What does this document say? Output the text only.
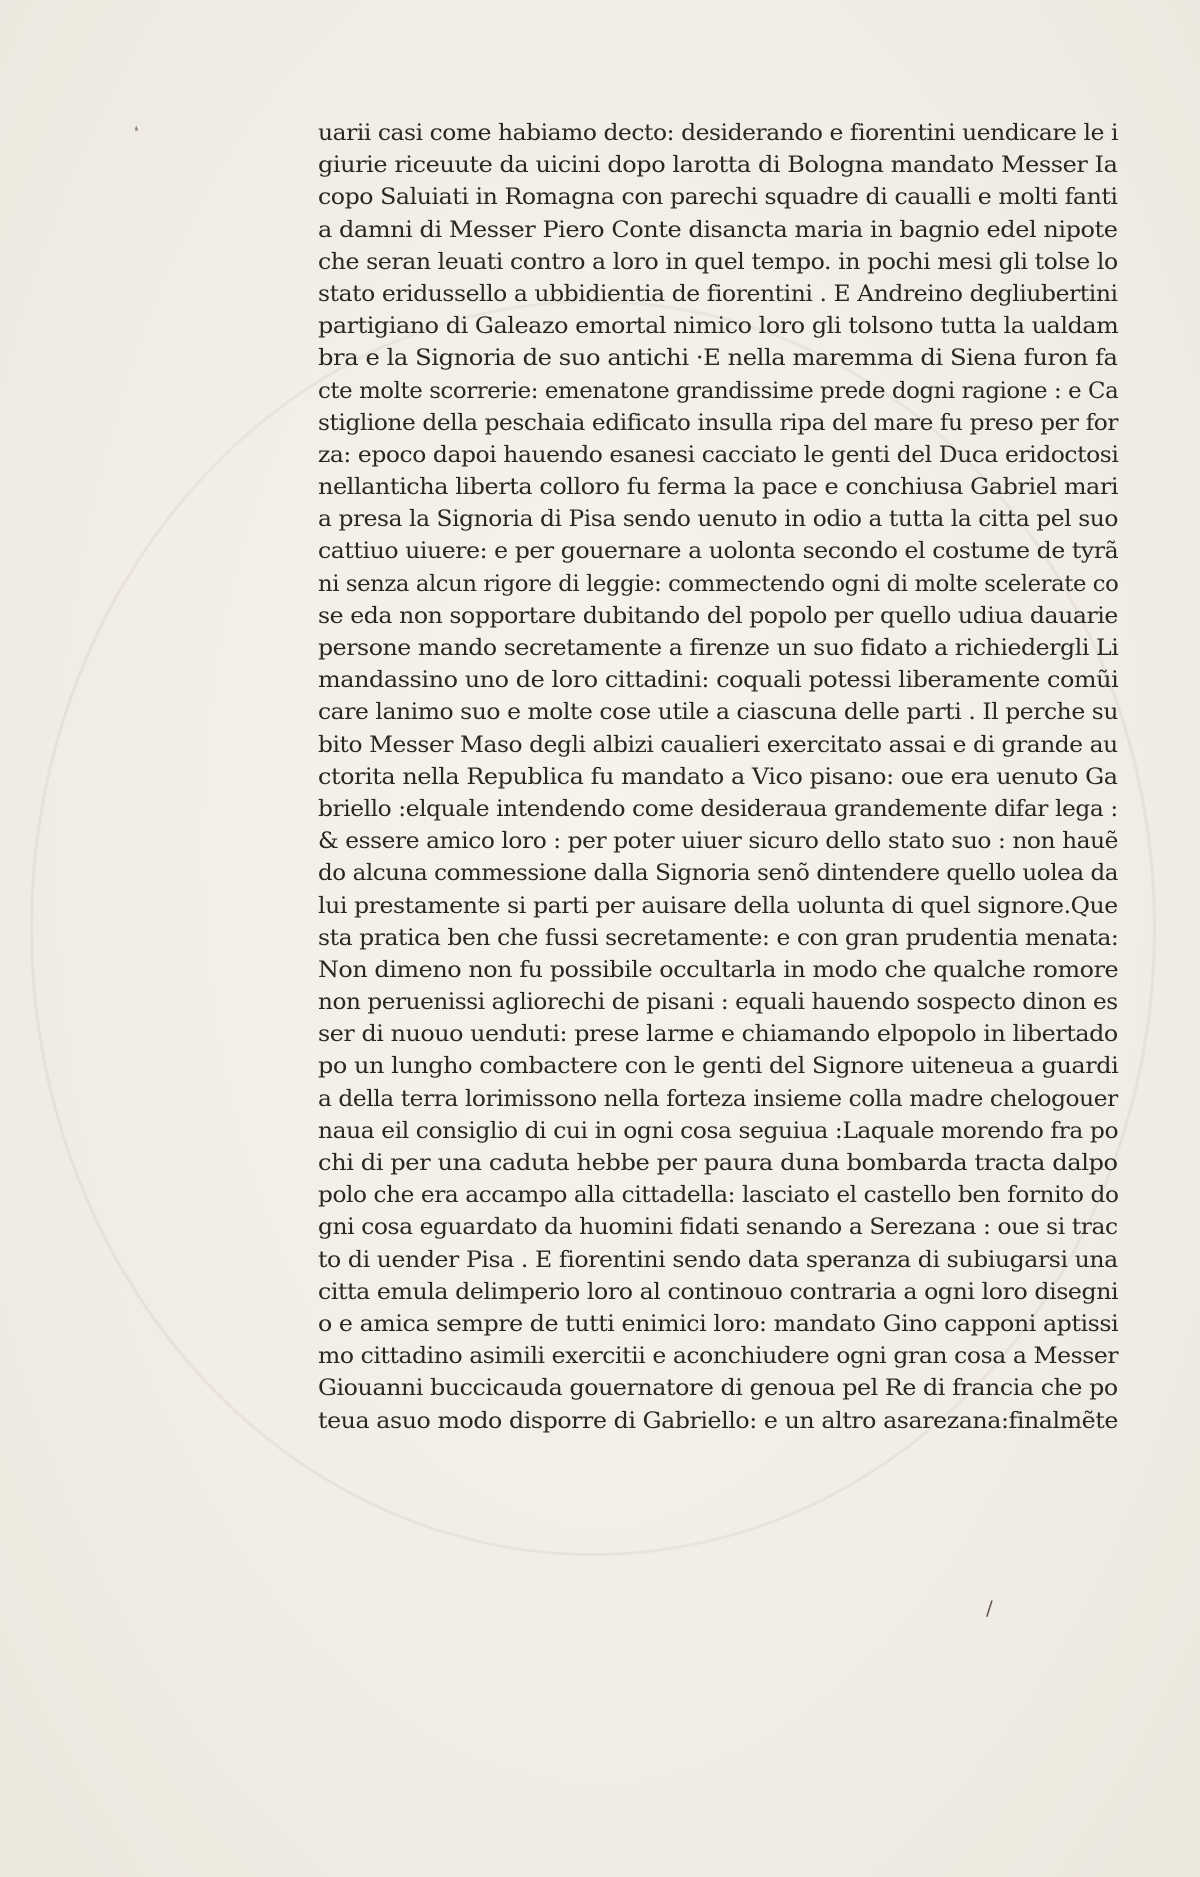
❛	uarii casi come habiamo decto: desiderando e fiorentini uendicare le i
giurie riceuute da uicini dopo larotta di Bologna mandato Messer Ia
copo Saluiati in Romagna con parechi squadre di caualli e molti fanti
a damni di Messer Piero Conte disancta maria in bagnio edel nipote
che seran leuati contro a loro in quel tempo. in pochi mesi gli tolse lo
stato eridussello a ubbidientia de fiorentini . E Andreino degliubertini
partigiano di Galeazo emortal nimico loro gli tolsono tutta la ualdam
bra e la Signoria de suo antichi ·E nella maremma di Siena furon fa
cte molte scorrerie: emenatone grandissime prede dogni ragione : e Ca
stiglione della peschaia edificato insulla ripa del mare fu preso per for
za: epoco dapoi hauendo esanesi cacciato le genti del Duca eridoctosi
nellanticha liberta colloro fu ferma la pace e conchiusa Gabriel mari
a presa la Signoria di Pisa sendo uenuto in odio a tutta la citta pel suo
cattiuo uiuere: e per gouernare a uolonta secondo el costume de tyrã
ni senza alcun rigore di leggie: commectendo ogni di molte scelerate co
se eda non sopportare dubitando del popolo per quello udiua dauarie
persone mando secretamente a firenze un suo fidato a richiedergli Li
mandassino uno de loro cittadini: coquali potessi liberamente comũi
care lanimo suo e molte cose utile a ciascuna delle parti . Il perche su
bito Messer Maso degli albizi caualieri exercitato assai e di grande au
ctorita nella Republica fu mandato a Vico pisano: oue era uenuto Ga
briello :elquale intendendo come desideraua grandemente difar lega :
& essere amico loro : per poter uiuer sicuro dello stato suo : non hauẽ
do alcuna commessione dalla Signoria senõ dintendere quello uolea da
lui prestamente si parti per auisare della uolunta di quel signore.Que
sta pratica ben che fussi secretamente: e con gran prudentia menata:
Non dimeno non fu possibile occultarla in modo che qualche romore
non peruenissi agliorechi de pisani : equali hauendo sospecto dinon es
ser di nuouo uenduti: prese larme e chiamando elpopolo in libertado
po un lungho combactere con le genti del Signore uiteneua a guardi
a della terra lorimissono nella forteza insieme colla madre chelogouer
naua eil consiglio di cui in ogni cosa seguiua :Laquale morendo fra po
chi di per una caduta hebbe per paura duna bombarda tracta dalpo
polo che era accampo alla cittadella: lasciato el castello ben fornito do
gni cosa eguardato da huomini fidati senando a Serezana : oue si trac
to di uender Pisa . E fiorentini sendo data speranza di subiugarsi una
citta emula delimperio loro al continouo contraria a ogni loro disegni
o e amica sempre de tutti enimici loro: mandato Gino capponi aptissi
mo cittadino asimili exercitii e aconchiudere ogni gran cosa a Messer
Giouanni buccicauda gouernatore di genoua pel Re di francia che po
teua asuo modo disporre di Gabriello: e un altro asarezana:finalmẽte
/
